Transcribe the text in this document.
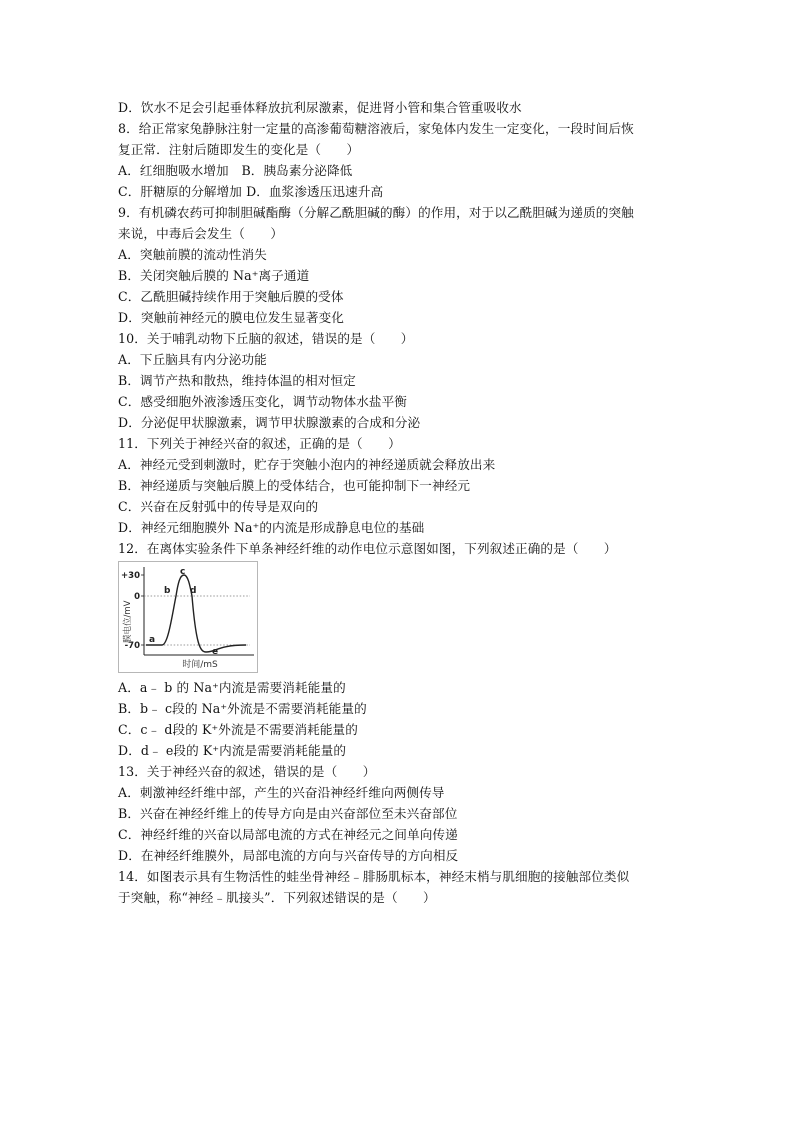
D．饮水不足会引起垂体释放抗利尿激素，促进肾小管和集合管重吸收水
8．给正常家兔静脉注射一定量的高渗葡萄糖溶液后，家兔体内发生一定变化，一段时间后恢
复正常．注射后随即发生的变化是（　　）
A．红细胞吸水增加　B．胰岛素分泌降低
C．肝糖原的分解增加 D．血浆渗透压迅速升高
9．有机磷农药可抑制胆碱酯酶（分解乙酰胆碱的酶）的作用，对于以乙酰胆碱为递质的突触
来说，中毒后会发生（　　）
A．突触前膜的流动性消失
B．关闭突触后膜的 Na⁺离子通道
C．乙酰胆碱持续作用于突触后膜的受体
D．突触前神经元的膜电位发生显著变化
10．关于哺乳动物下丘脑的叙述，错误的是（　　）
A．下丘脑具有内分泌功能
B．调节产热和散热，维持体温的相对恒定
C．感受细胞外液渗透压变化，调节动物体水盐平衡
D．分泌促甲状腺激素，调节甲状腺激素的合成和分泌
11．下列关于神经兴奋的叙述，正确的是（　　）
A．神经元受到刺激时，贮存于突触小泡内的神经递质就会释放出来
B．神经递质与突触后膜上的受体结合，也可能抑制下一神经元
C．兴奋在反射弧中的传导是双向的
D．神经元细胞膜外 Na⁺的内流是形成静息电位的基础
12．在离体实验条件下单条神经纤维的动作电位示意图如图，下列叙述正确的是（　　）
+30
0
-70
a
b
c
d
e
膜电位/mV
时间/mS
A．a﹣ b 的 Na⁺内流是需要消耗能量的
B．b﹣ c段的 Na⁺外流是不需要消耗能量的
C．c﹣ d段的 K⁺外流是不需要消耗能量的
D．d﹣ e段的 K⁺内流是需要消耗能量的
13．关于神经兴奋的叙述，错误的是（　　）
A．刺激神经纤维中部，产生的兴奋沿神经纤维向两侧传导
B．兴奋在神经纤维上的传导方向是由兴奋部位至未兴奋部位
C．神经纤维的兴奋以局部电流的方式在神经元之间单向传递
D．在神经纤维膜外，局部电流的方向与兴奋传导的方向相反
14．如图表示具有生物活性的蛙坐骨神经﹣腓肠肌标本，神经末梢与肌细胞的接触部位类似
于突触，称“神经﹣肌接头”．下列叙述错误的是（　　）
